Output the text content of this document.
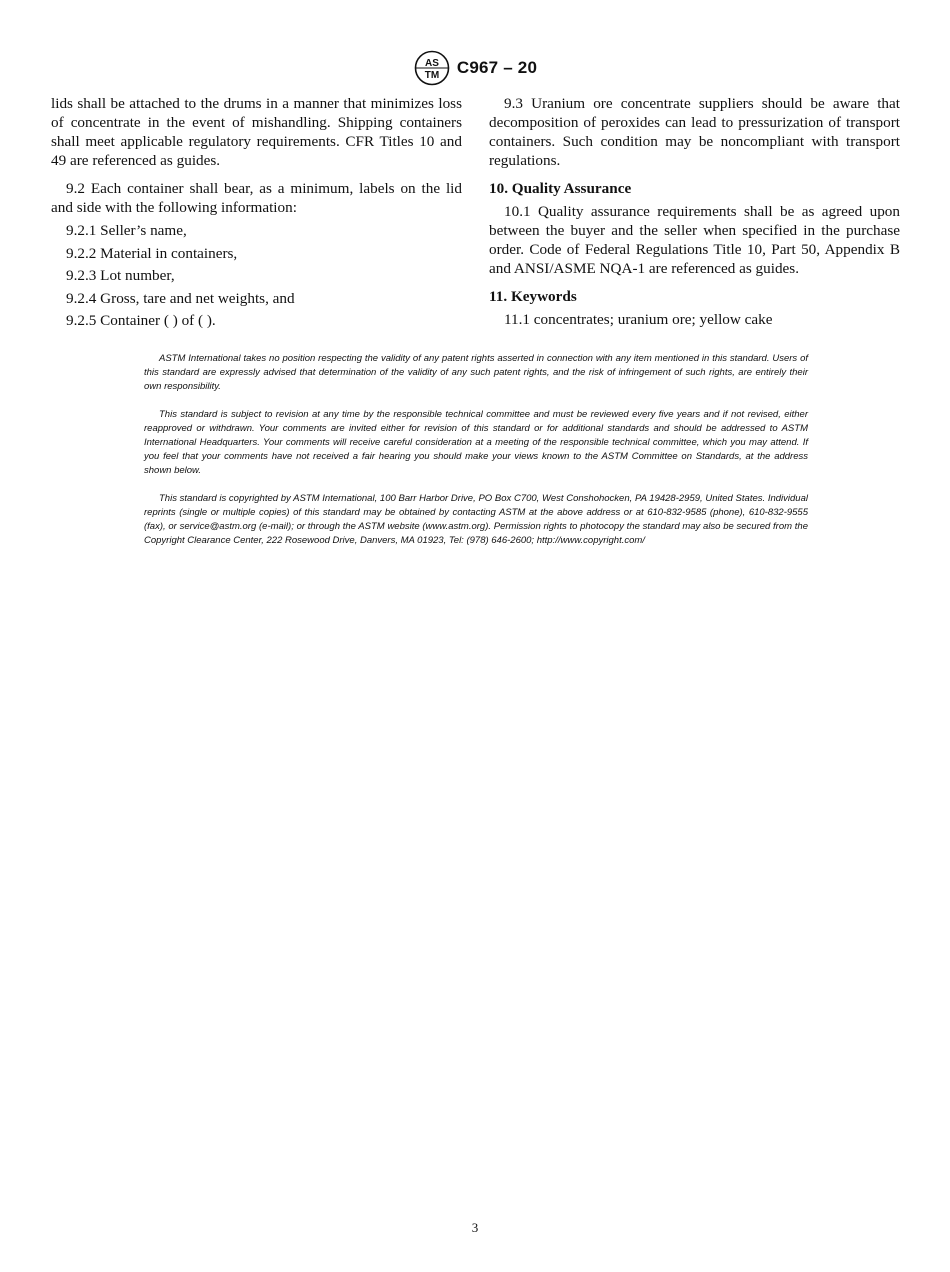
AS
TM C967 – 20

lids shall be attached to the drums in a manner that minimizes loss of concentrate in the event of mishandling. Shipping containers shall meet applicable regulatory requirements. CFR Titles 10 and 49 are referenced as guides.

9.2 Each container shall bear, as a minimum, labels on the lid and side with the following information:

9.2.1 Seller’s name,

9.2.2 Material in containers,

9.2.3 Lot number,

9.2.4 Gross, tare and net weights, and

9.2.5 Container ( ) of ( ).

9.3 Uranium ore concentrate suppliers should be aware that decomposition of peroxides can lead to pressurization of transport containers. Such condition may be noncompliant with transport regulations.

10. Quality Assurance

10.1 Quality assurance requirements shall be as agreed upon between the buyer and the seller when specified in the purchase order. Code of Federal Regulations Title 10, Part 50, Appendix B and ANSI/ASME NQA-1 are referenced as guides.

11. Keywords

11.1 concentrates; uranium ore; yellow cake

ASTM International takes no position respecting the validity of any patent rights asserted in connection with any item mentioned in this standard. Users of this standard are expressly advised that determination of the validity of any such patent rights, and the risk of infringement of such rights, are entirely their own responsibility.

This standard is subject to revision at any time by the responsible technical committee and must be reviewed every five years and if not revised, either reapproved or withdrawn. Your comments are invited either for revision of this standard or for additional standards and should be addressed to ASTM International Headquarters. Your comments will receive careful consideration at a meeting of the responsible technical committee, which you may attend. If you feel that your comments have not received a fair hearing you should make your views known to the ASTM Committee on Standards, at the address shown below.

This standard is copyrighted by ASTM International, 100 Barr Harbor Drive, PO Box C700, West Conshohocken, PA 19428-2959, United States. Individual reprints (single or multiple copies) of this standard may be obtained by contacting ASTM at the above address or at 610-832-9585 (phone), 610-832-9555 (fax), or service@astm.org (e-mail); or through the ASTM website (www.astm.org). Permission rights to photocopy the standard may also be secured from the Copyright Clearance Center, 222 Rosewood Drive, Danvers, MA 01923, Tel: (978) 646-2600; http://www.copyright.com/

3
